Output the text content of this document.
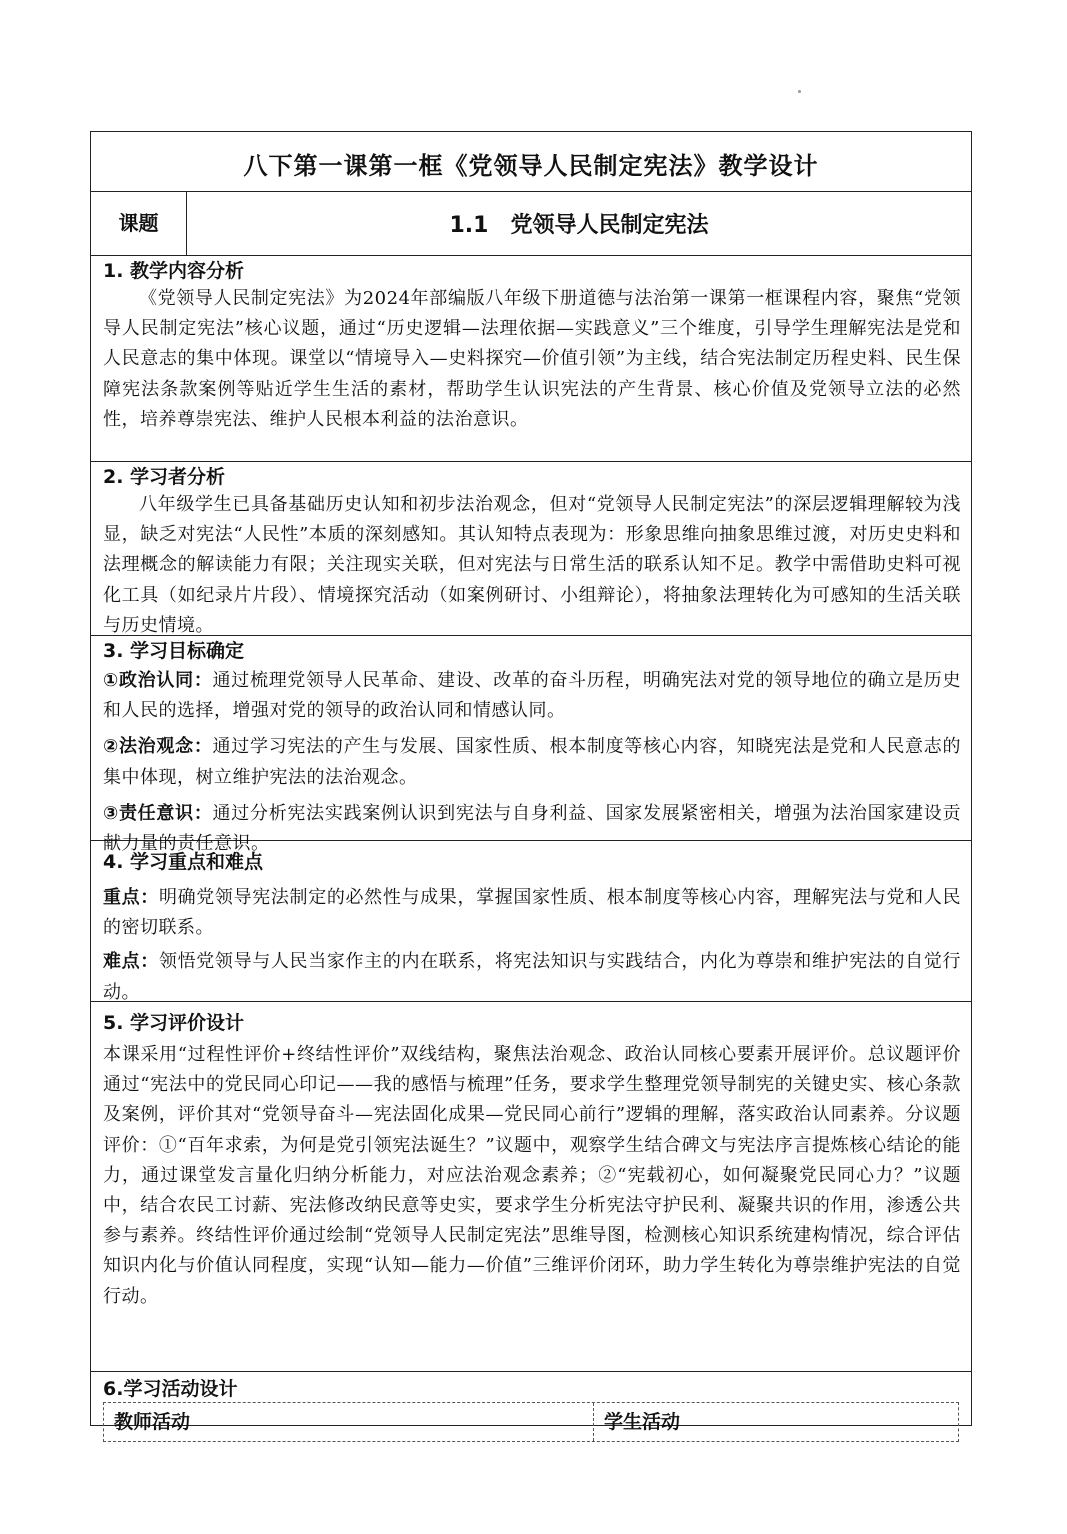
八下第一课第一框《党领导人民制定宪法》教学设计
课题	1.1　党领导人民制定宪法
1. 教学内容分析

《党领导人民制定宪法》为2024年部编版八年级下册道德与法治第一课第一框课程内容，聚焦“党领导人民制定宪法”核心议题，通过“历史逻辑—法理依据—实践意义”三个维度，引导学生理解宪法是党和人民意志的集中体现。课堂以“情境导入—史料探究—价值引领”为主线，结合宪法制定历程史料、民生保障宪法条款案例等贴近学生生活的素材，帮助学生认识宪法的产生背景、核心价值及党领导立法的必然性，培养尊崇宪法、维护人民根本利益的法治意识。

2. 学习者分析

八年级学生已具备基础历史认知和初步法治观念，但对“党领导人民制定宪法”的深层逻辑理解较为浅显，缺乏对宪法“人民性”本质的深刻感知。其认知特点表现为：形象思维向抽象思维过渡，对历史史料和法理概念的解读能力有限；关注现实关联，但对宪法与日常生活的联系认知不足。教学中需借助史料可视化工具（如纪录片片段）、情境探究活动（如案例研讨、小组辩论），将抽象法理转化为可感知的生活关联与历史情境。

3. 学习目标确定

①政治认同：通过梳理党领导人民革命、建设、改革的奋斗历程，明确宪法对党的领导地位的确立是历史和人民的选择，增强对党的领导的政治认同和情感认同。

②法治观念：通过学习宪法的产生与发展、国家性质、根本制度等核心内容，知晓宪法是党和人民意志的集中体现，树立维护宪法的法治观念。

③责任意识：通过分析宪法实践案例认识到宪法与自身利益、国家发展紧密相关，增强为法治国家建设贡献力量的责任意识。

4. 学习重点和难点

重点：明确党领导宪法制定的必然性与成果，掌握国家性质、根本制度等核心内容，理解宪法与党和人民的密切联系。

难点：领悟党领导与人民当家作主的内在联系，将宪法知识与实践结合，内化为尊崇和维护宪法的自觉行动。

5. 学习评价设计

本课采用“过程性评价+终结性评价”双线结构，聚焦法治观念、政治认同核心要素开展评价。总议题评价通过“宪法中的党民同心印记——我的感悟与梳理”任务，要求学生整理党领导制宪的关键史实、核心条款及案例，评价其对“党领导奋斗—宪法固化成果—党民同心前行”逻辑的理解，落实政治认同素养。分议题评价：①“百年求索，为何是党引领宪法诞生？”议题中，观察学生结合碑文与宪法序言提炼核心结论的能力，通过课堂发言量化归纳分析能力，对应法治观念素养；②“宪载初心，如何凝聚党民同心力？”议题中，结合农民工讨薪、宪法修改纳民意等史实，要求学生分析宪法守护民利、凝聚共识的作用，渗透公共参与素养。终结性评价通过绘制“党领导人民制定宪法”思维导图，检测核心知识系统建构情况，综合评估知识内化与价值认同程度，实现“认知—能力—价值”三维评价闭环，助力学生转化为尊崇维护宪法的自觉行动。

6.学习活动设计
教师活动	学生活动
